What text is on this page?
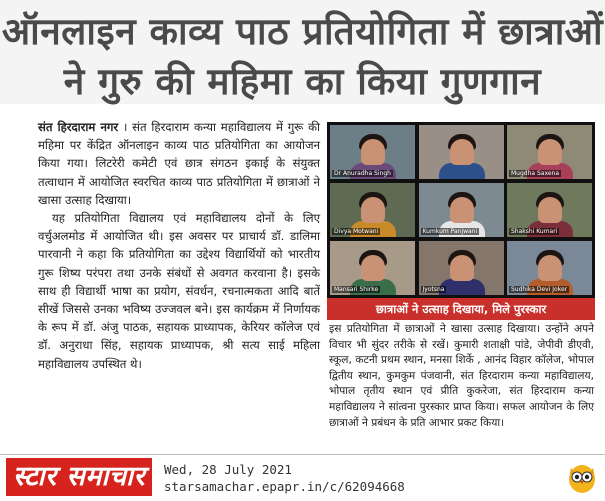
ऑनलाइन काव्य पाठ प्रतियोगिता में छात्राओं
ने गुरु की महिमा का किया गुणगान

संत हिरदाराम नगर । संत हिरदाराम कन्या महाविद्यालय में गुरू की महिमा पर केंद्रित ऑनलाइन काव्य पाठ प्रतियोगिता का आयोजन किया गया। लिटरेरी कमेटी एवं छात्र संगठन इकाई के संयुक्त तत्वाधान में आयोजित स्वरचित काव्य पाठ प्रतियोगिता में छात्राओं ने खासा उत्साह दिखाया।

यह प्रतियोगिता विद्यालय एवं महाविद्यालय दोनों के लिए वर्चुअलमोड में आयोजित थी। इस अवसर पर प्राचार्य डॉ. डालिमा पारवानी ने कहा कि प्रतियोगिता का उद्देश्य विद्यार्थियों को भारतीय गुरू शिष्य परंपरा तथा उनके संबंधों से अवगत करवाना है। इसके साथ ही विद्यार्थी भाषा का प्रयोग, संवर्धन, रचनात्मकता आदि बातें सीखें जिससे उनका भविष्य उज्जवल बने। इस कार्यक्रम में निर्णायक के रूप में डॉ. अंजु पाठक, सहायक प्राध्यापक, केरियर कॉलेज एवं डॉ. अनुराधा सिंह, सहायक प्राध्यापक, श्री सत्य साई महिला महाविद्यालय उपस्थित थे।

Dr Anuradha Singh	Mugdha Saxena
Divya Motwani	Kumkum Panjwani	Shakshi Kumari
Mansari Shirke	Jyotsna	Sudhika Devi Joker
छात्राओं ने उत्साह दिखाया, मिले पुरस्कार

इस प्रतियोगिता में छात्राओं ने खासा उत्साह दिखाया। उन्होंने अपने विचार भी सुंदर तरीके से रखें। कुमारी शताक्षी पांडे, जेपीवी डीएवी, स्कूल, कटनी प्रथम स्थान, मनसा शिर्के , आनंद विहार कॉलेज, भोपाल द्वितीय स्थान, कुमकुम पंजवानी, संत हिरदाराम कन्या महाविद्यालय, भोपाल तृतीय स्थान एवं प्रीति कुकरेजा, संत हिरदाराम कन्या महाविद्यालय ने सांत्वना पुरस्कार प्राप्त किया। सफल आयोजन के लिए छात्राओं ने प्रबंधन के प्रति आभार प्रकट किया।

स्टार समाचार	Wed, 28 July 2021
starsamachar.epapr.in/c/62094668
